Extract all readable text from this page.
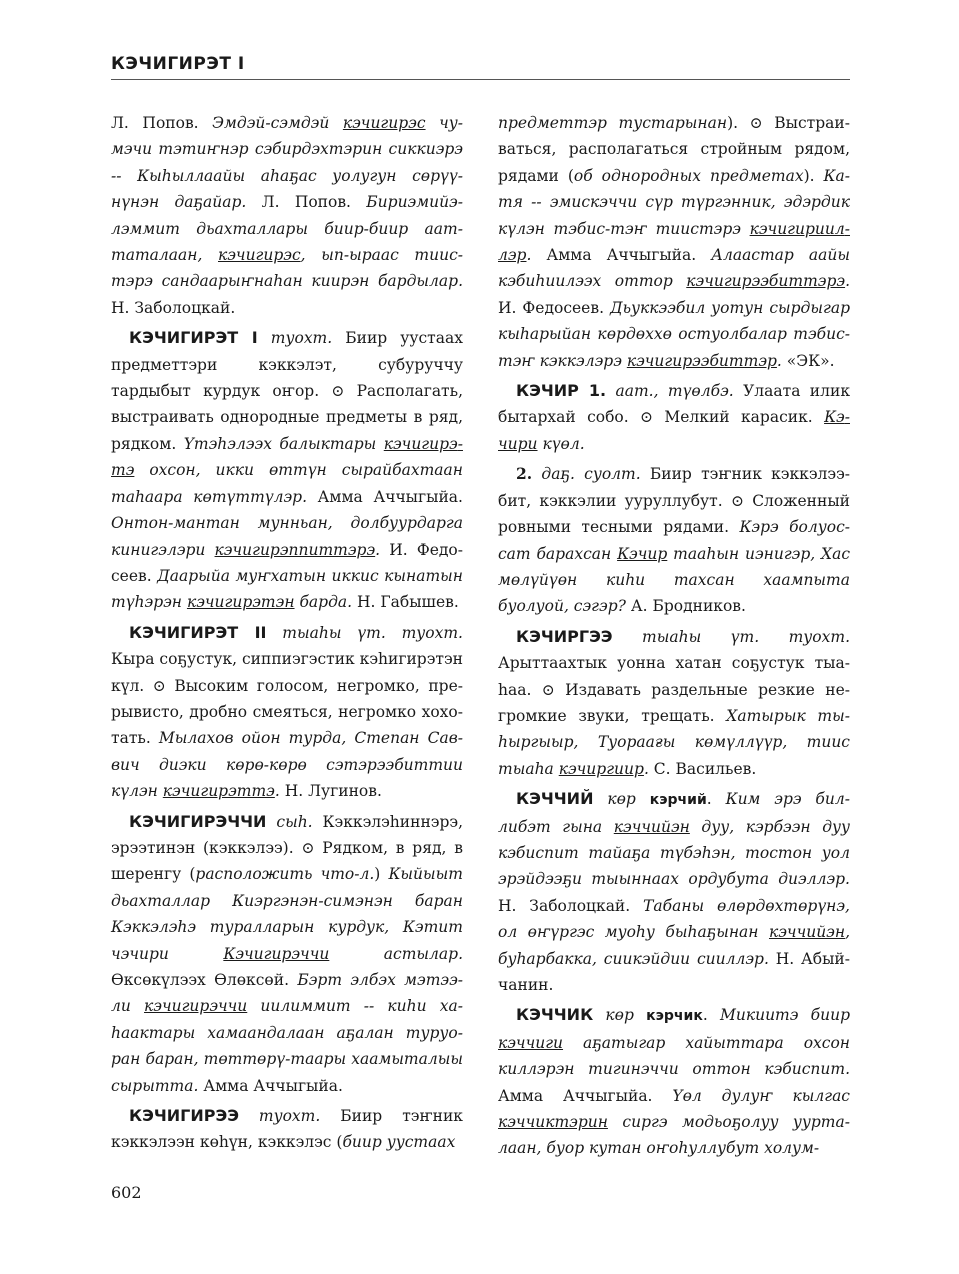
КЭЧИГИРЭТ I

Л. Попов. Эмдэй-сэмдэй кэчигирэс чумэчи тэтиҥнэр сэбирдэхтэрин сиккиэрэ -- Кыһыллаайы аһаҕас уолугун сөрүүнүнэн даҕайар. Л. Попов. Бириэмийэлэммит дьахталлары биир-биир ааттаталаан, кэчигирэс, ып-ыраас тиистэрэ сандаарыҥнаһан киирэн бардылар. Н. Заболоцкай.

КЭЧИГИРЭТ I туохт. Биир уустаах предметтэри кэккэлэт, субуруччу тардыбыт курдук оҥор. ⊙ Располагать, выстраивать однородные предметы в ряд, рядком. Үтэһэлээх балыктары кэчигирэтэ охсон, икки өттүн сырайбахтаан таһаара көтүттүлэр. Амма Аччыгыйа. Онтон-мантан мунньан, долбуурдарга кинигэлэри кэчигирэппиттэрэ. И. Федосеев. Даарыйа муҥхатын иккис кынатын түһэрэн кэчигирэтэн барда. Н. Габышев.

КЭЧИГИРЭТ II тыаһы үт. туохт. Кыра соҕустук, сиппиэгэстик кэһигирэтэн күл. ⊙ Высоким голосом, негромко, прерывисто, дробно смеяться, негромко хохотать. Мылахов ойон турда, Степан Саввич диэки көрө-көрө сэтэрээбиттии күлэн кэчигирэттэ. Н. Лугинов.

КЭЧИГИРЭЧЧИ сыһ. Кэккэлэһиннэрэ, эрээтинэн (кэккэлээ). ⊙ Рядком, в ряд, в шеренгу (расположить что-л.) Кыйыыт дьахталлар Киэргэнэн-симэнэн баран Кэккэлэһэ туралларын курдук, Кэтит чэчири Кэчигирэччи астылар. Өксөкүлээх Өлөксөй. Бэрт элбэх мэтээли кэчигирэччи иилиммит -- киһи хаһаактары хамаандалаан аҕалан туруоран баран, төттөрү-таары хаамыталыы сырытта. Амма Аччыгыйа.

КЭЧИГИРЭЭ туохт. Биир тэҥник кэккэлээн көһүн, кэккэлэс (биир уустаах

предметтэр тустарынан). ⊙ Выстраиваться, располагаться стройным рядом, рядами (об однородных предметах). Катя -- эмискэччи сүр түргэнник, эдэрдик күлэн тэбис-тэҥ тиистэрэ кэчигирииллэр. Амма Аччыгыйа. Алаастар аайы кэбиһиилээх оттор кэчигирээбиттэрэ. И. Федосеев. Дьуккээбил уотун сырдыгар кыһарыйан көрдөххө остуолбалар тэбис-тэҥ кэккэлэрэ кэчигирээбиттэр. «ЭК».

КЭЧИР 1. аат., түөлбэ. Улаата илик бытархай собо. ⊙ Мелкий карасик. Кэчири күөл.

2. даҕ. суолт. Биир тэҥник кэккэлээбит, кэккэлии ууруллубут. ⊙ Сложенный ровными тесными рядами. Кэрэ болуоссат барахсан Кэчир тааһын иэнигэр, Хас мөлүйүөн киһи тахсан хаампыта буолуой, сэгэр? А. Бродников.

КЭЧИРГЭЭ тыаһы үт. туохт. Арыттаахтык уонна хатан соҕустук тыаһаа. ⊙ Издавать раздельные резкие негромкие звуки, трещать. Хатырык тыһыргыыр, Туораағы көмүллүүр, тиис тыаһа кэчиргиир. С. Васильев.

КЭЧЧИЙ көр кэрчий. Ким эрэ биллибэт гына кэччийэн дуу, кэрбээн дуу кэбиспит тайаҕа түбэһэн, тостон уол эрэйдээҕи тыыннаах ордубута диэллэр. Н. Заболоцкай. Табаны өлөрдөхтөрүнэ, ол өҥүргэс муоһу быһаҕынан кэччийэн, буһарбакка, сиикэйдии сииллэр. Н. Абыйчанин.

КЭЧЧИК көр кэрчик. Микиитэ биир кэччиги аҕатыгар хайыттара охсон киллэрэн тигинэччи оттон кэбиспит. Амма Аччыгыйа. Үөл дулуҥ кылгас кэччиктэрин сиргэ модьоҕолуу уурталаан, буор кутан оҥоһуллубут холум-

602
